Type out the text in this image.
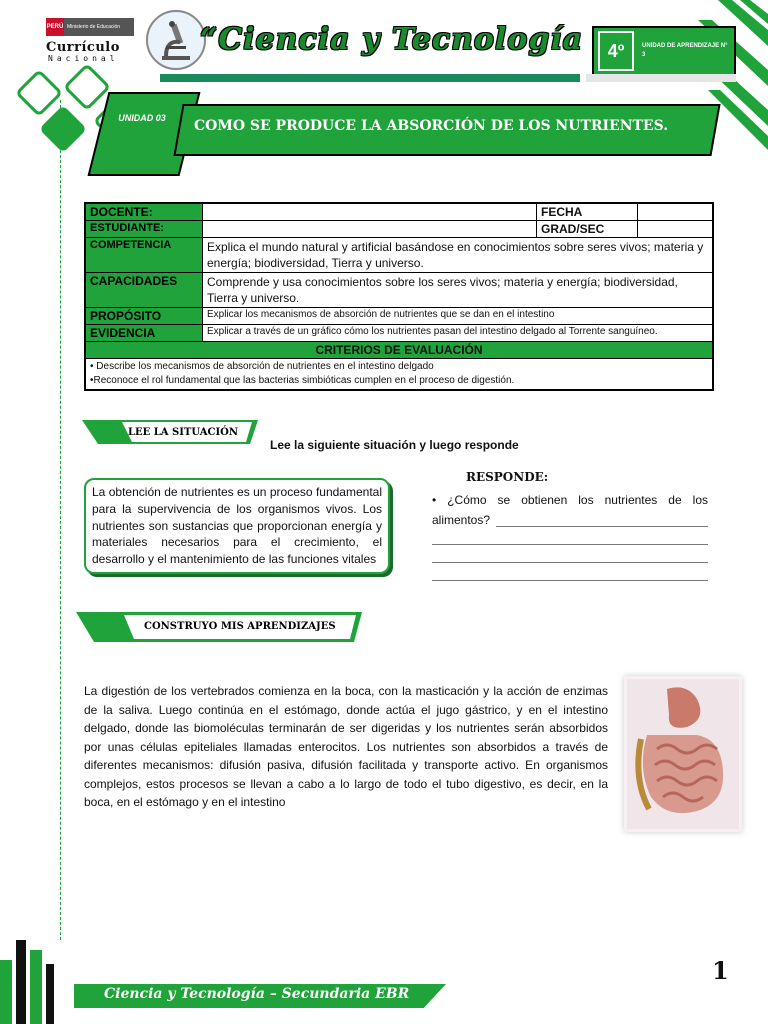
PERÚ Ministerio de Educación
Currículo
Nacional
“Ciencia y Tecnología	4º	UNIDAD DE APRENDIZAJE N° 3
UNIDAD 03	COMO SE PRODUCE LA ABSORCIÓN DE LOS NUTRIENTES.
DOCENTE:		FECHA	
ESTUDIANTE:		GRAD/SEC	
COMPETENCIA	Explica el mundo natural y artificial basándose en conocimientos sobre seres vivos; materia y energía; biodiversidad, Tierra y universo.		
CAPACIDADES	Comprende y usa conocimientos sobre los seres vivos; materia y energía; biodiversidad, Tierra y universo.		
PROPÓSITO	Explicar los mecanismos de absorción de nutrientes que se dan en el intestino		
EVIDENCIA	Explicar a través de un gráfico cómo los nutrientes pasan del intestino delgado al Torrente sanguíneo.		
CRITERIOS DE EVALUACIÓN			

• Describe los mecanismos de absorción de nutrientes en el intestino delgado
•Reconoce el rol fundamental que las bacterias simbióticas cumplen en el proceso de digestión.			
LEE LA SITUACIÓN
Lee la siguiente situación y luego responde
La obtención de nutrientes es un proceso fundamental para la supervivencia de los organismos vivos. Los nutrientes son sustancias que proporcionan energía y materiales necesarios para el crecimiento, el desarrollo y el mantenimiento de las funciones vitales
RESPONDE:
• ¿Cómo se obtienen los nutrientes de los alimentos?
CONSTRUYO MIS APRENDIZAJES
La digestión de los vertebrados comienza en la boca, con la masticación y la acción de enzimas de la saliva. Luego continúa en el estómago, donde actúa el jugo gástrico, y en el intestino delgado, donde las biomoléculas terminarán de ser digeridas y los nutrientes serán absorbidos por unas células epiteliales llamadas enterocitos. Los nutrientes son absorbidos a través de diferentes mecanismos: difusión pasiva, difusión facilitada y transporte activo. En organismos complejos, estos procesos se llevan a cabo a lo largo de todo el tubo digestivo, es decir, en la boca, en el estómago y en el intestino
Ciencia y Tecnología – Secundaria EBR
1
